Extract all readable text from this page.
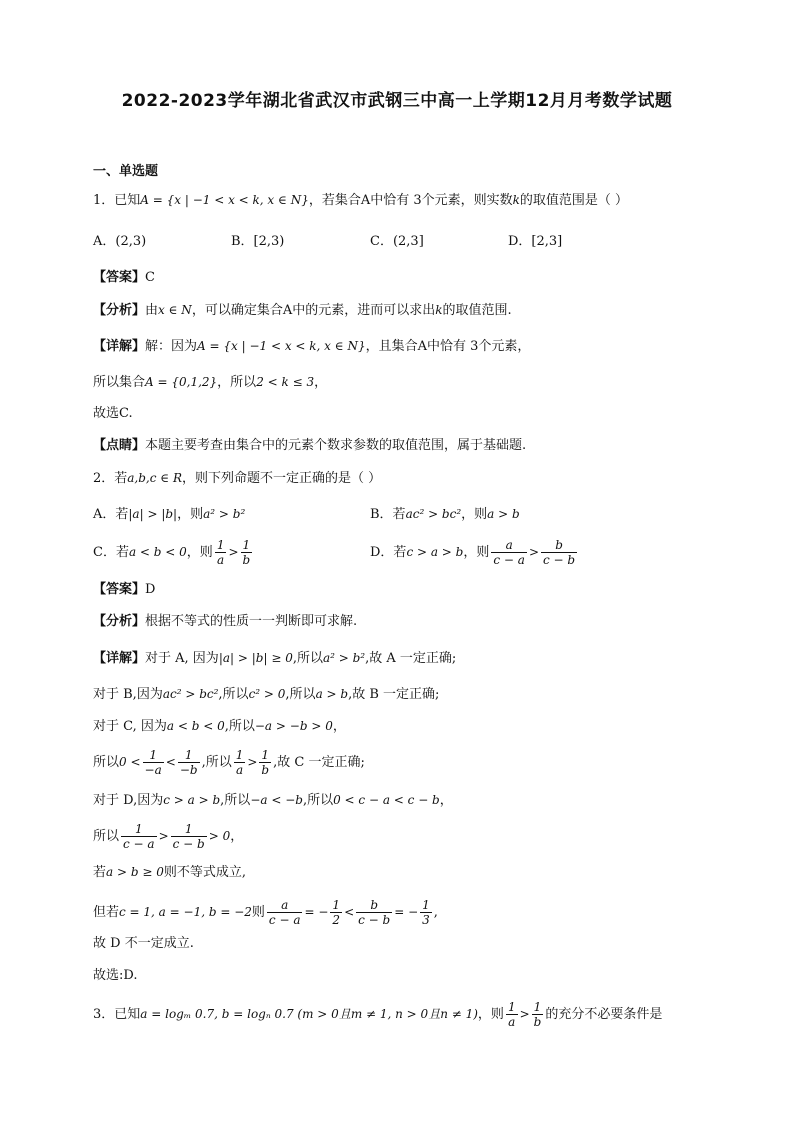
2022-2023学年湖北省武汉市武钢三中高一上学期12月月考数学试题
一、单选题
1．已知A = {x | −1 < x < k, x ∈ N}，若集合A中恰有 3个元素，则实数k的取值范围是（ ）
A．(2,3)	B．[2,3)	C．(2,3]	D．[2,3]
【答案】C
【分析】由x ∈ N，可以确定集合A中的元素，进而可以求出k的取值范围.
【详解】解：因为A = {x | −1 < x < k, x ∈ N}，且集合A中恰有 3个元素，
所以集合A = {0,1,2}，所以2 < k ≤ 3，
故选C.
【点睛】本题主要考查由集合中的元素个数求参数的取值范围，属于基础题.
2．若a,b,c ∈ R，则下列命题不一定正确的是（ ）
A．若|a| > |b|，则a² > b²	B．若ac² > bc²，则a > b
C．若a < b < 0，则 $\frac{1}{a} > \frac{1}{b}$	D．若c > a > b，则 $\frac{a}{c - a} > \frac{b}{c - b}$
【答案】D
【分析】根据不等式的性质一一判断即可求解.
【详解】对于 A, 因为|a| > |b| ≥ 0,所以a² > b²,故 A 一定正确;
对于 B,因为ac² > bc²,所以c² > 0,所以a > b,故 B 一定正确;
对于 C, 因为a < b < 0,所以−a > −b > 0，
所以$0 < \frac{1}{-a} < \frac{1}{-b}$ ,所以 $\frac{1}{a} > \frac{1}{b}$ ,故 C 一定正确;
对于 D,因为c > a > b,所以−a < −b,所以0 < c − a < c − b，
所以 $\frac{1}{c - a} > \frac{1}{c - b} > 0$，
若a > b ≥ 0则不等式成立,
但若c = 1, a = −1, b = −2则 $\frac{a}{c - a}$ = − $\frac{1}{2} < \frac{b}{c - b}$ = − $\frac{1}{3}$ ,
故 D 不一定成立.
故选:D.
3．已知a = logₘ 0.7, b = logₙ 0.7 (m > 0且m ≠ 1, n > 0且n ≠ 1)，则 $\frac{1}{a} > \frac{1}{b}$ 的充分不必要条件是
